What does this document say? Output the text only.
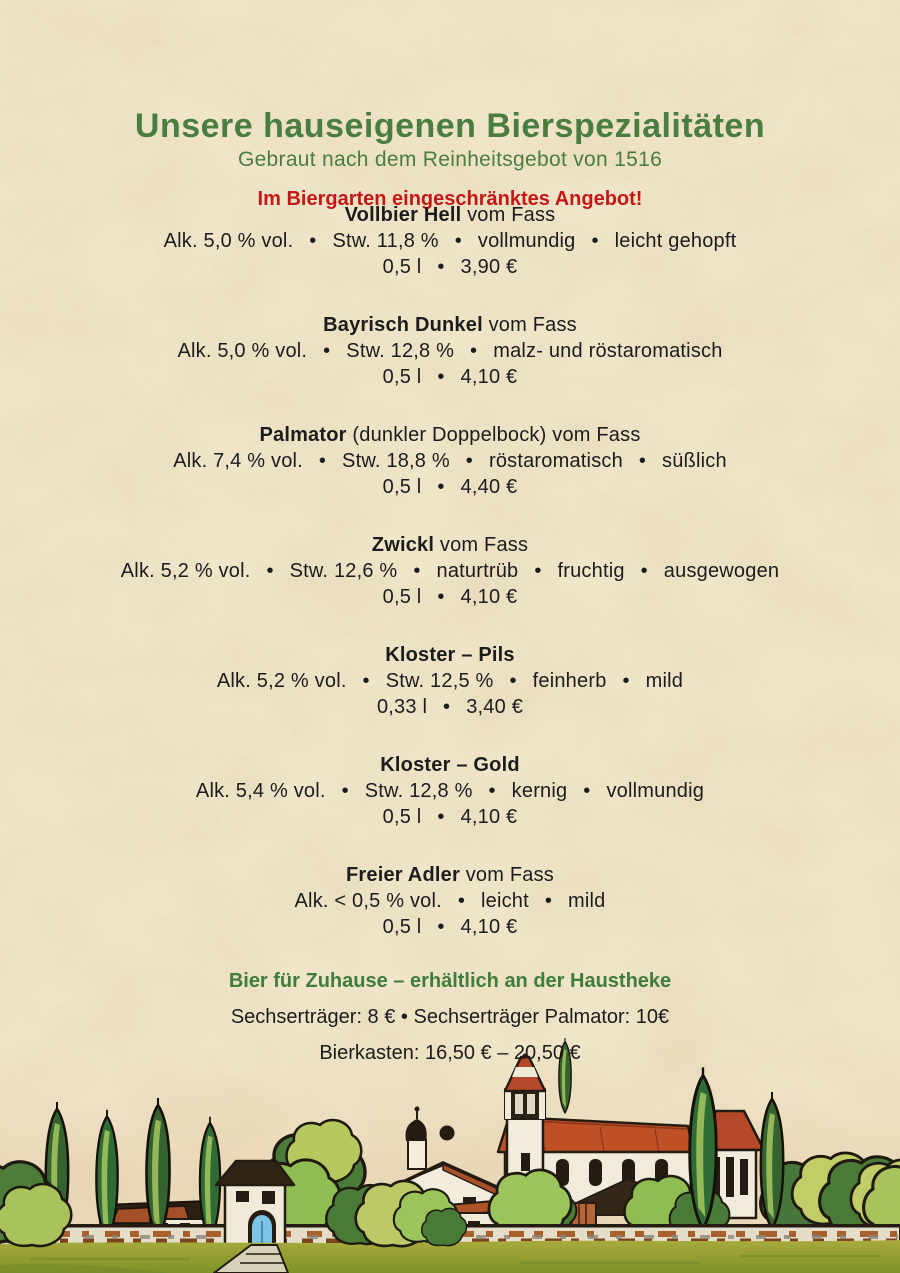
Unsere hauseigenen Bierspezialitäten
Gebraut nach dem Reinheitsgebot von 1516

Im Biergarten eingeschränktes Angebot!

Vollbier Hell vom Fass
Alk. 5,0 % vol.  •  Stw. 11,8 %  •  vollmundig  •  leicht gehopft
0,5 l  •  3,90 €
Bayrisch Dunkel vom Fass
Alk. 5,0 % vol.  •  Stw. 12,8 %  •  malz- und röstaromatisch
0,5 l  •  4,10 €
Palmator (dunkler Doppelbock) vom Fass
Alk. 7,4 % vol.  •  Stw. 18,8 %  •  röstaromatisch  •  süßlich
0,5 l  •  4,40 €
Zwickl vom Fass
Alk. 5,2 % vol.  •  Stw. 12,6 %  •  naturtrüb  •  fruchtig  •  ausgewogen
0,5 l  •  4,10 €
Kloster – Pils
Alk. 5,2 % vol.  •  Stw. 12,5 %  •  feinherb  •  mild
0,33 l  •  3,40 €
Kloster – Gold
Alk. 5,4 % vol.  •  Stw. 12,8 %  •  kernig  •  vollmundig
0,5 l  •  4,10 €
Freier Adler vom Fass
Alk. < 0,5 % vol.  •  leicht  •  mild
0,5 l  •  4,10 €

Bier für Zuhause – erhältlich an der Haustheke

Sechserträger: 8 € • Sechserträger Palmator: 10€

Bierkasten: 16,50 € – 20,50 €
